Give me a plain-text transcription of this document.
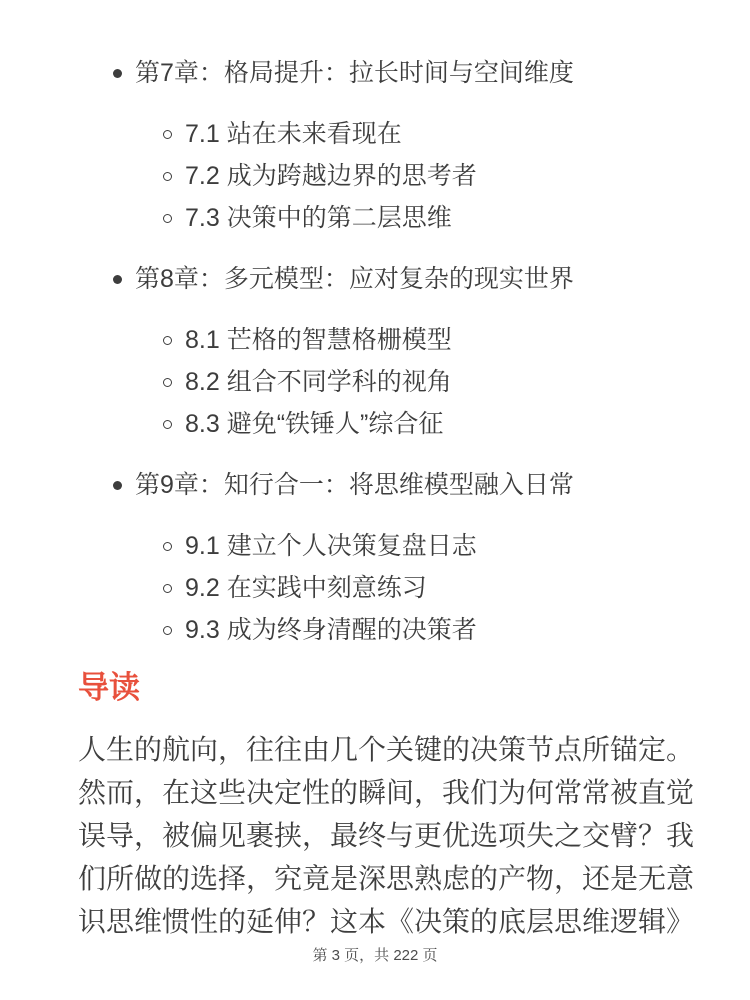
第7章：格局提升：拉长时间与空间维度
7.1 站在未来看现在
7.2 成为跨越边界的思考者
7.3 决策中的第二层思维
第8章：多元模型：应对复杂的现实世界
8.1 芒格的智慧格栅模型
8.2 组合不同学科的视角
8.3 避免“铁锤人”综合征
第9章：知行合一：将思维模型融入日常
9.1 建立个人决策复盘日志
9.2 在实践中刻意练习
9.3 成为终身清醒的决策者
导读

人生的航向，往往由几个关键的决策节点所锚定。然而，在这些决定性的瞬间，我们为何常常被直觉误导，被偏见裹挟，最终与更优选项失之交臂？我们所做的选择，究竟是深思熟虑的产物，还是无意识思维惯性的延伸？这本《决策的底层思维逻辑》

第 3 页，共 222 页
